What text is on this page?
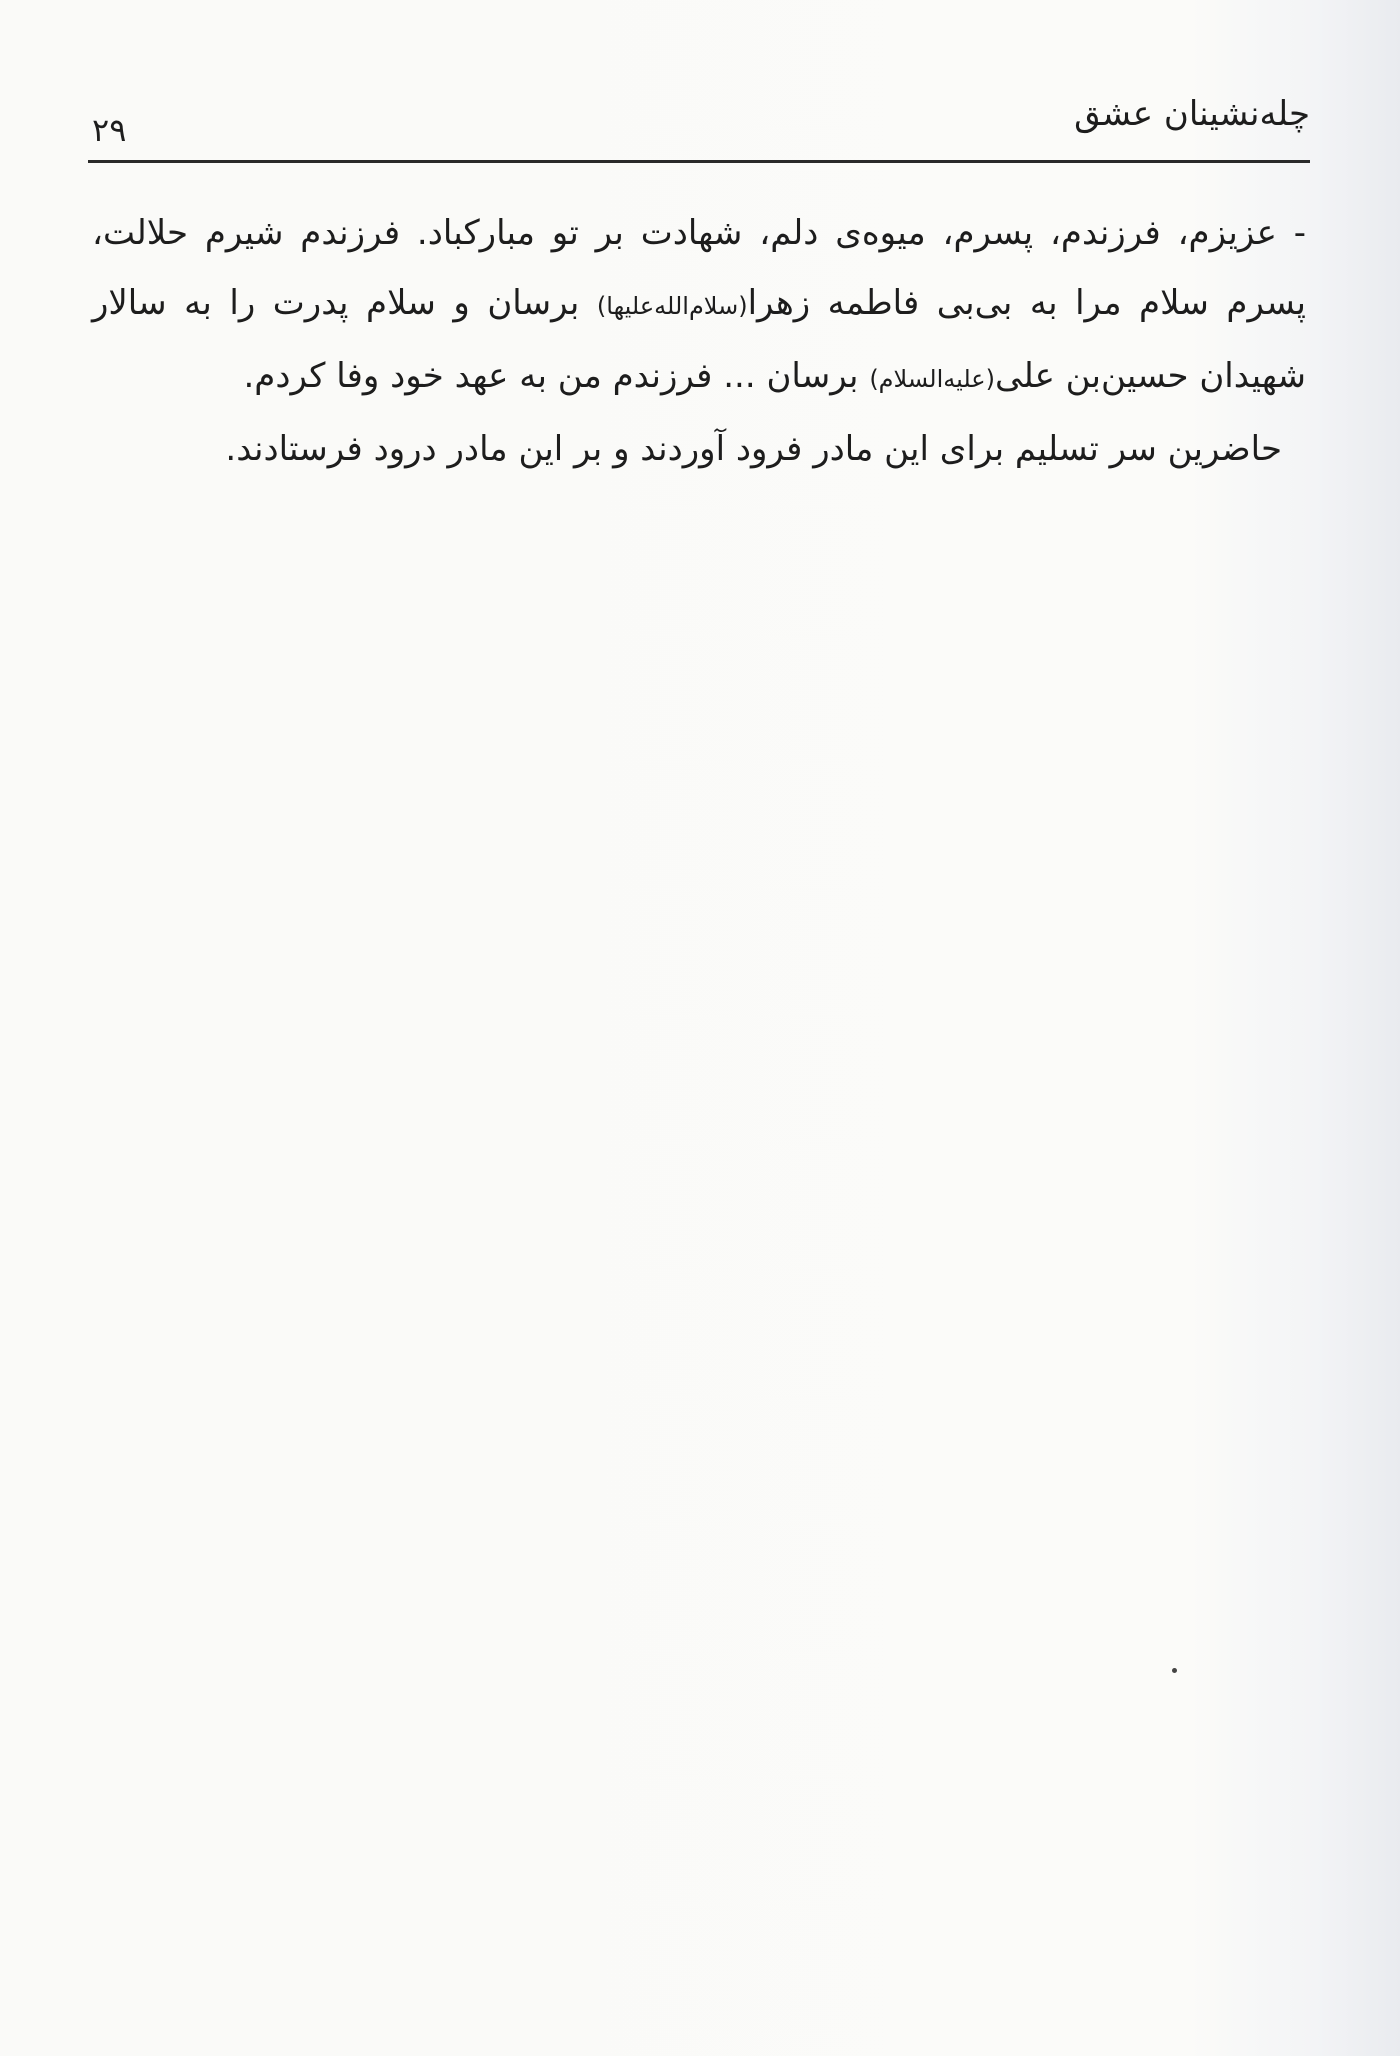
چله‌نشینان عشق
۲۹

- عزیزم، فرزندم، پسرم، میوه‌ی دلم، شهادت بر تو مبارکباد. فرزندم شیرم حلالت، پسرم سلام مرا به بی‌بی فاطمه زهرا(سلام‌الله‌علیها) برسان و سلام پدرت را به سالار شهیدان حسین‌بن علی(علیه‌السلام) برسان ... فرزندم من به عهد خود وفا کردم.

حاضرین سر تسلیم برای این مادر فرود آوردند و بر این مادر درود فرستادند.
